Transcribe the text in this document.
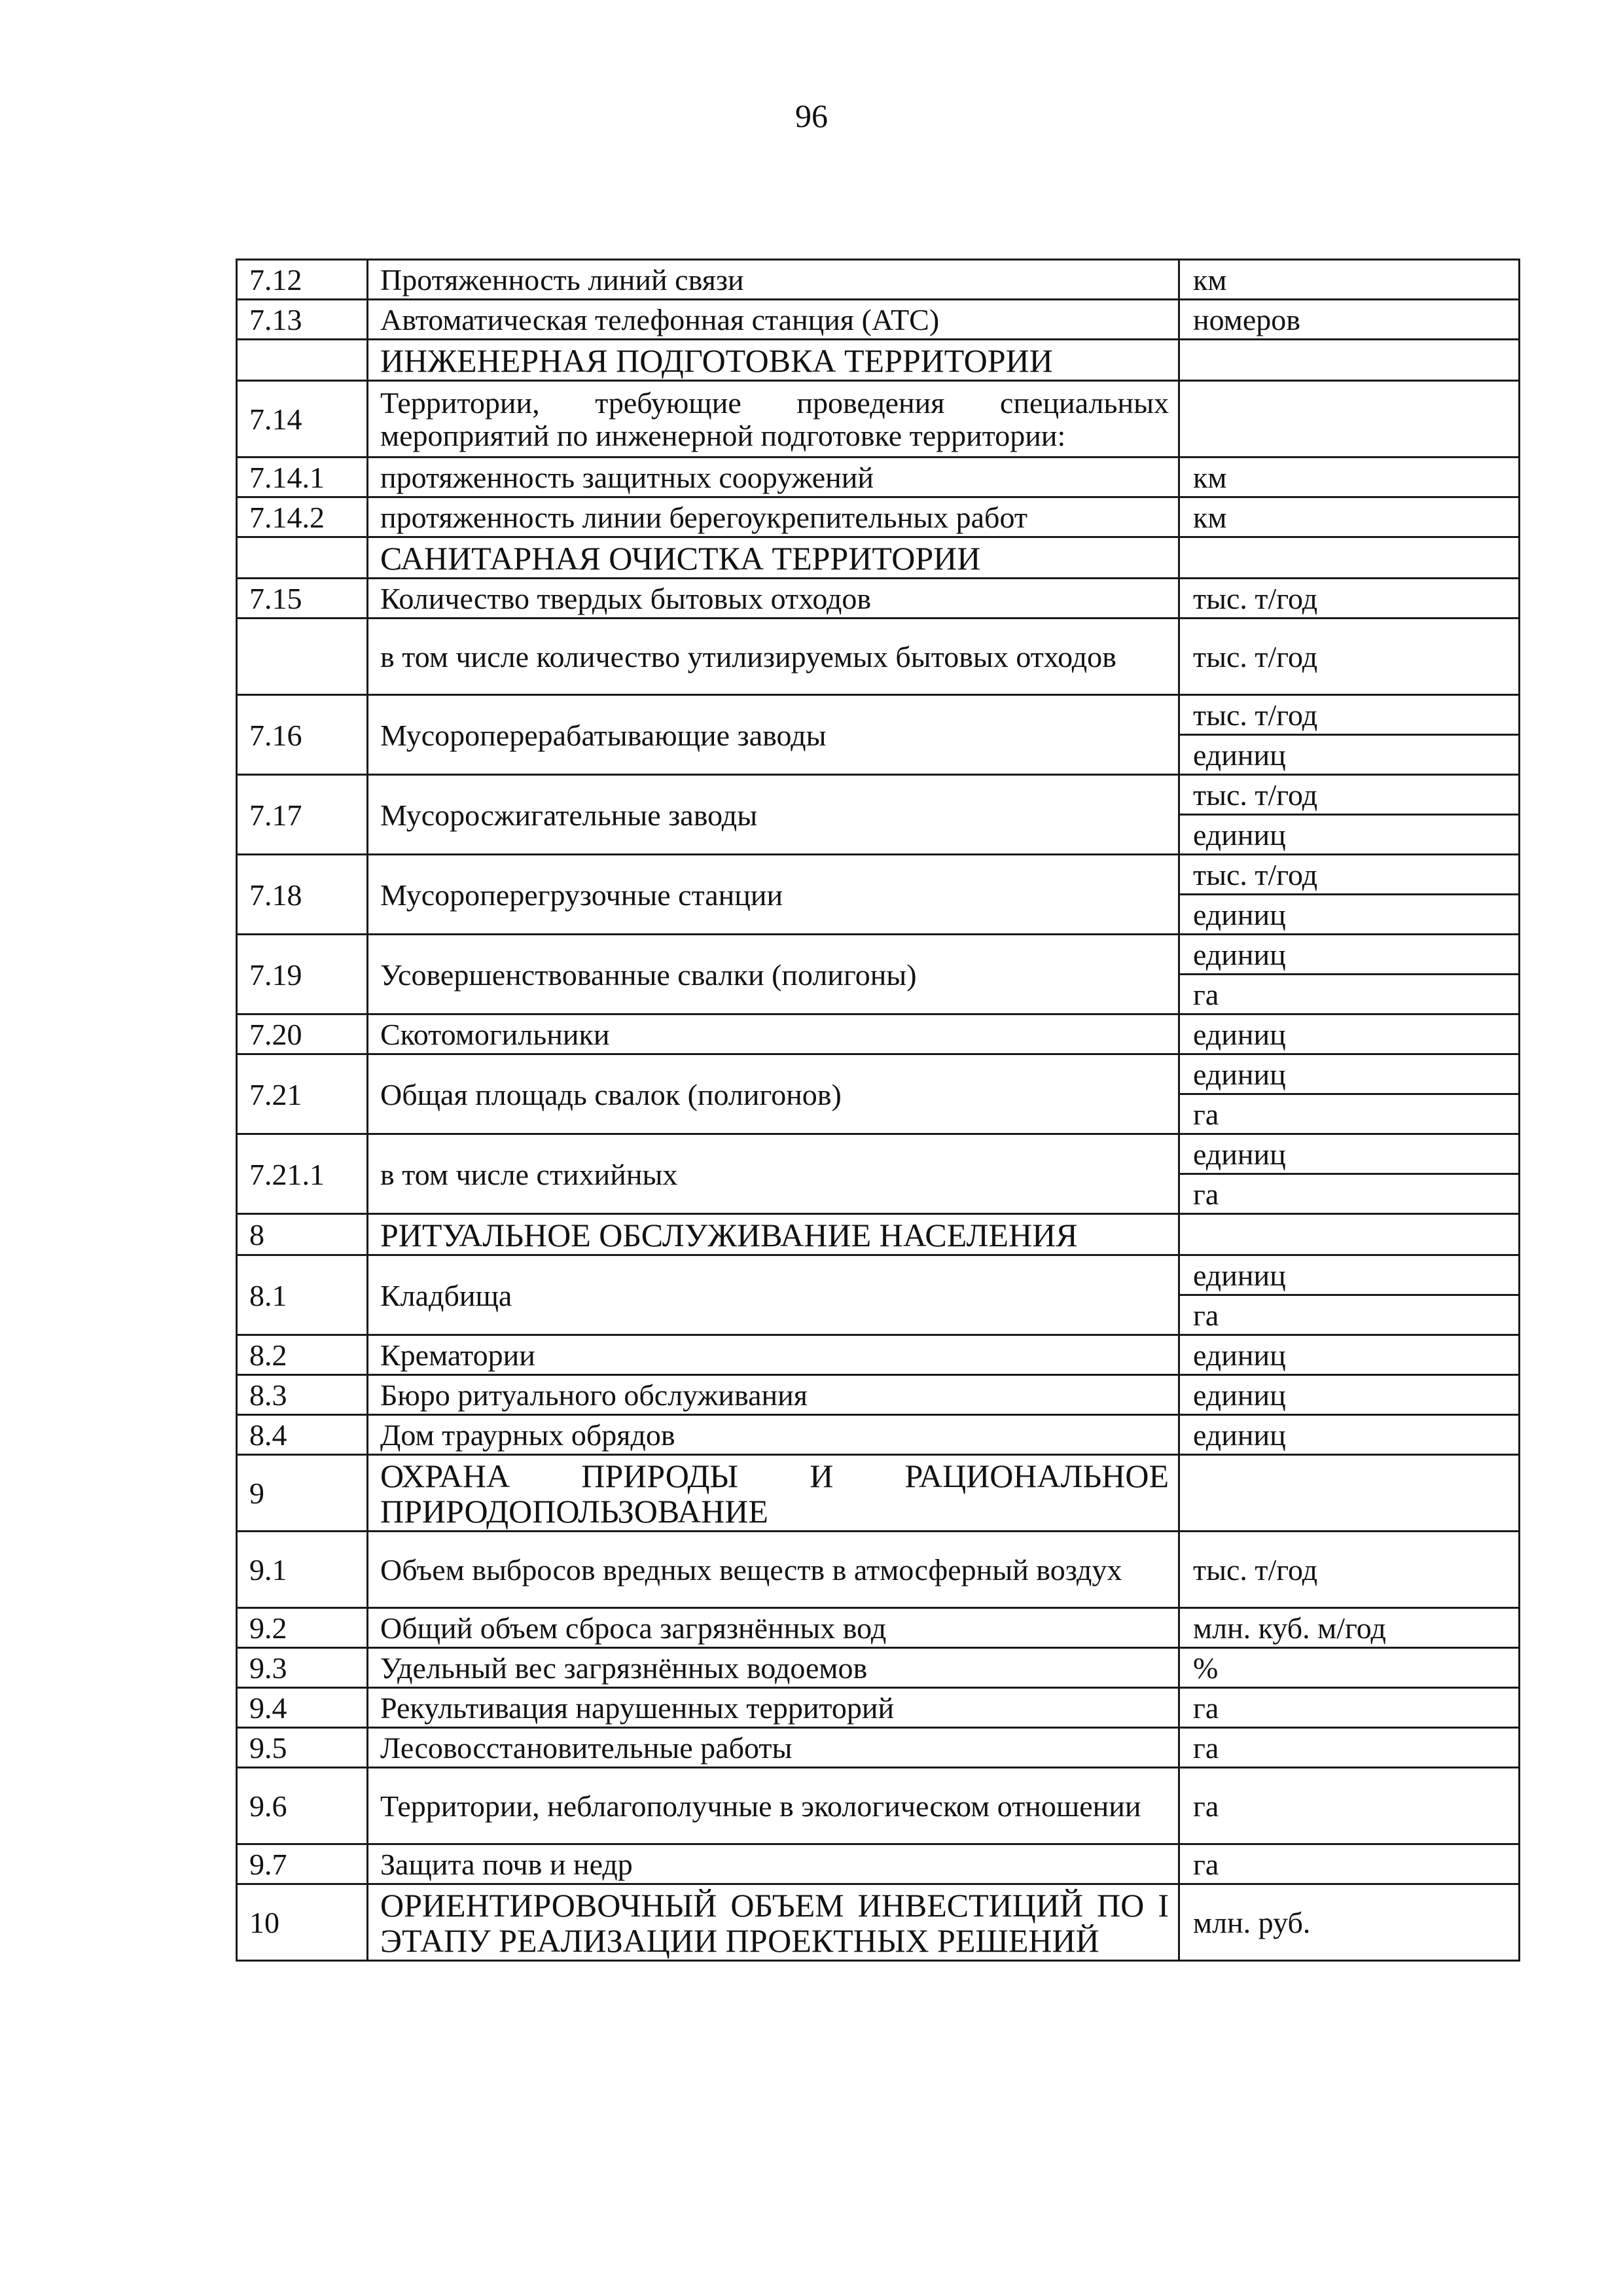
96
7.12	Протяженность линий связи	км
7.13	Автоматическая телефонная станция (АТС)	номеров
	ИНЖЕНЕРНАЯ ПОДГОТОВКА ТЕРРИТОРИИ	
7.14	Территории, требующие проведения специальных мероприятий по инженерной подготовке территории:	
7.14.1	протяженность защитных сооружений	км
7.14.2	протяженность линии берегоукрепительных работ	км
	САНИТАРНАЯ ОЧИСТКА ТЕРРИТОРИИ	
7.15	Количество твердых бытовых отходов	тыс. т/год
	в том числе количество утилизируемых бытовых отходов	тыс. т/год
7.16	Мусороперерабатывающие заводы	тыс. т/год
		единиц
7.17	Мусоросжигательные заводы	тыс. т/год
		единиц
7.18	Мусороперегрузочные станции	тыс. т/год
		единиц
7.19	Усовершенствованные свалки (полигоны)	единиц
		га
7.20	Скотомогильники	единиц
7.21	Общая площадь свалок (полигонов)	единиц
		га
7.21.1	в том числе стихийных	единиц
		га
8	РИТУАЛЬНОЕ ОБСЛУЖИВАНИЕ НАСЕЛЕНИЯ	
8.1	Кладбища	единиц
		га
8.2	Крематории	единиц
8.3	Бюро ритуального обслуживания	единиц
8.4	Дом траурных обрядов	единиц
9	ОХРАНА ПРИРОДЫ И РАЦИОНАЛЬНОЕ ПРИРОДОПОЛЬЗОВАНИЕ	
9.1	Объем выбросов вредных веществ в атмосферный воздух	тыс. т/год
9.2	Общий объем сброса загрязнённых вод	млн. куб. м/год
9.3	Удельный вес загрязнённых водоемов	%
9.4	Рекультивация нарушенных территорий	га
9.5	Лесовосстановительные работы	га
9.6	Территории, неблагополучные в экологическом отношении	га
9.7	Защита почв и недр	га
10	ОРИЕНТИРОВОЧНЫЙ ОБЪЕМ ИНВЕСТИЦИЙ ПО I ЭТАПУ РЕАЛИЗАЦИИ ПРОЕКТНЫХ РЕШЕНИЙ	млн. руб.
